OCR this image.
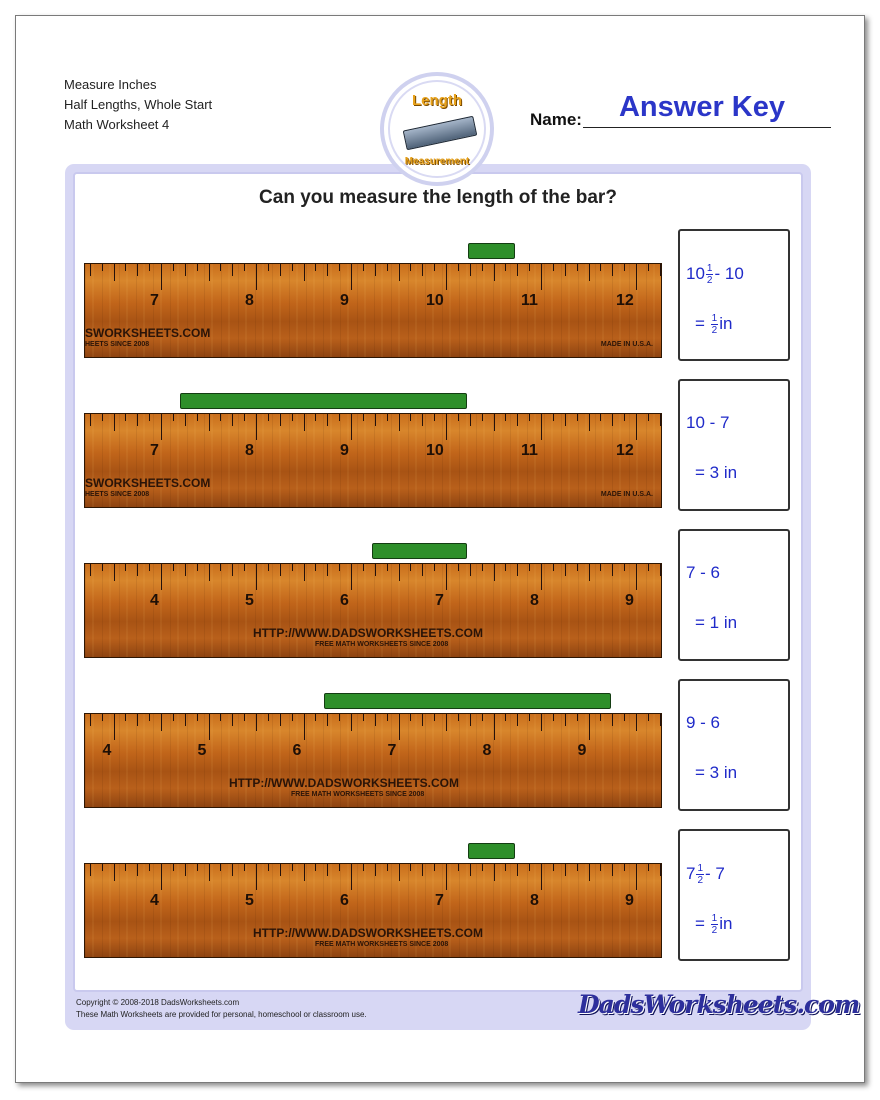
Measure Inches
Half Lengths, Whole Start
Math Worksheet 4
Length
Measurement
Name:	Answer Key
Can you measure the length of the bar?
7	8	9	10	11	12
MADE IN U.S.A.
SWORKSHEETS.COM
HEETS SINCE 2008
$10 \frac{1}{2} - 10$
= $\frac{1}{2}$ in
7	8	9	10	11	12
MADE IN U.S.A.
SWORKSHEETS.COM
HEETS SINCE 2008
10 - 7
= 3 in
4	5	6	7	8	9
HTTP://WWW.DADSWORKSHEETS.COM
FREE MATH WORKSHEETS SINCE 2008
7 - 6
= 1 in
4	5	6	7	8	9
HTTP://WWW.DADSWORKSHEETS.COM
FREE MATH WORKSHEETS SINCE 2008
9 - 6
= 3 in
4	5	6	7	8	9
HTTP://WWW.DADSWORKSHEETS.COM
FREE MATH WORKSHEETS SINCE 2008
$7 \frac{1}{2} - 7$
= $\frac{1}{2}$ in
Copyright © 2008-2018 DadsWorksheets.com
These Math Worksheets are provided for personal, homeschool or classroom use.	DadsWorksheets.com
